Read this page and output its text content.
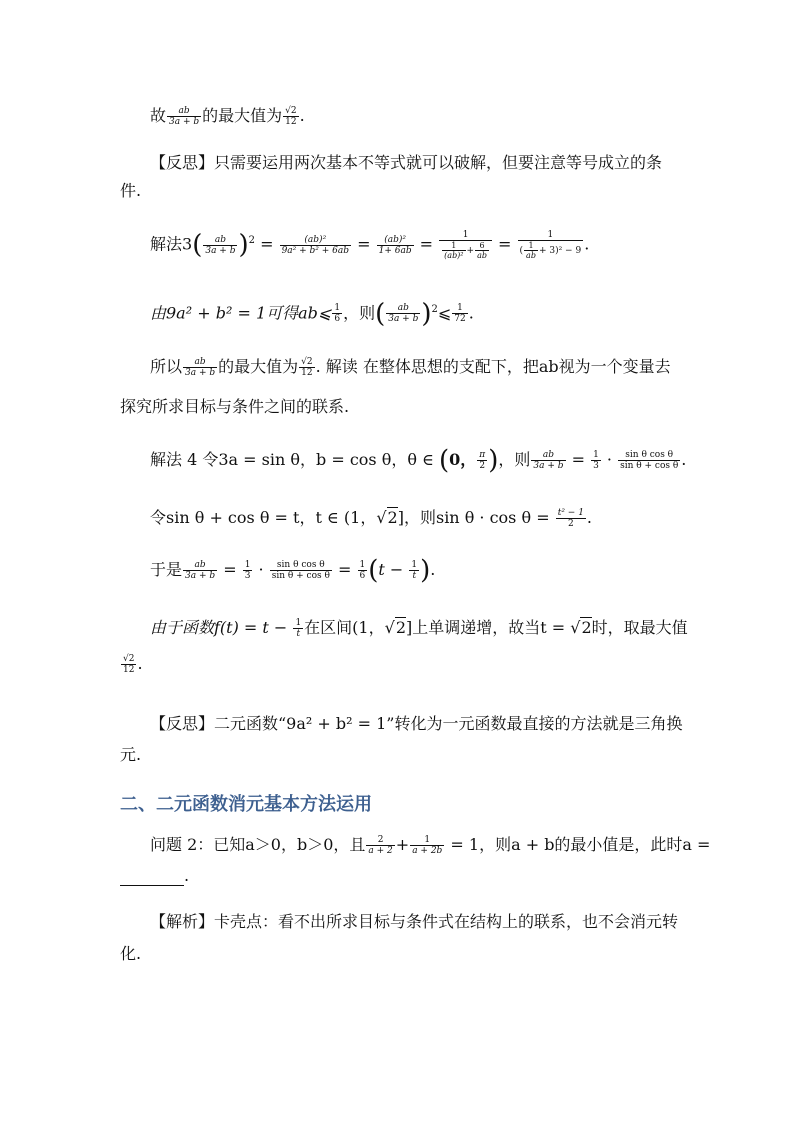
故 $\frac{ab}{3a + b}$ 的最大值为 $\frac{√2}{12}$ .
【反思】只需要运用两次基本不等式就可以破解，但要注意等号成立的条
件.
解法$3( \frac{ab}{3a + b} )^2 = \frac{\text{(ab)²}}{\text{9a² + b² + 6ab}} = \frac{\text{(ab)²}}{1+ 6ab} = \frac{1}{\frac{1}{\text{(ab)²}} + \frac{6}{ab}} = \frac{1}{( \frac{1}{ab} + 3)^2 - 9}$ .
由9a² + b² = 1可得ab⩽ $\frac{1}{6}$ ，则( $\frac{ab}{3a + b}$ )$^2$⩽ $\frac{1}{72}$ .
所以 $\frac{ab}{3a + b}$ 的最大值为 $\frac{√2}{12}$ . 解读 在整体思想的支配下，把ab视为一个变量去
探究所求目标与条件之间的联系.
解法 4 令3a = sin θ，b = cos θ，θ ∈ (0， $\frac{\pi}{2}$ )，则 $\frac{ab}{3a + b} = \frac{1}{3} \cdot \frac{\text{sin θ cos θ}}{\text{sin θ + cos θ}}$ .
令sin θ + cos θ = t，t ∈ (1，√2]，则$\sin \theta \cdot \cos \theta = \frac{\text{t² − 1}}{2}$ .
于是 $\frac{ab}{3a + b} = \frac{1}{3} \cdot \frac{\text{sin θ cos θ}}{\text{sin θ + cos θ}} = \frac{1}{6} (t - \frac{1}{t}$ ).
由于函数$f(t) = t - \frac{1}{t}$ 在区间(1，√2]上单调递增，故当t = √2时，取最大值
$\frac{√2}{12}$ .
【反思】二元函数“9a² + b² = 1”转化为一元函数最直接的方法就是三角换
元.
二、二元函数消元基本方法运用
问题 2：已知a＞0，b＞0，且 $\frac{2}{a + 2} + \frac{1}{a + 2b} = 1$，则a + b的最小值是，此时a =
.
【解析】卡壳点：看不出所求目标与条件式在结构上的联系，也不会消元转
化.
